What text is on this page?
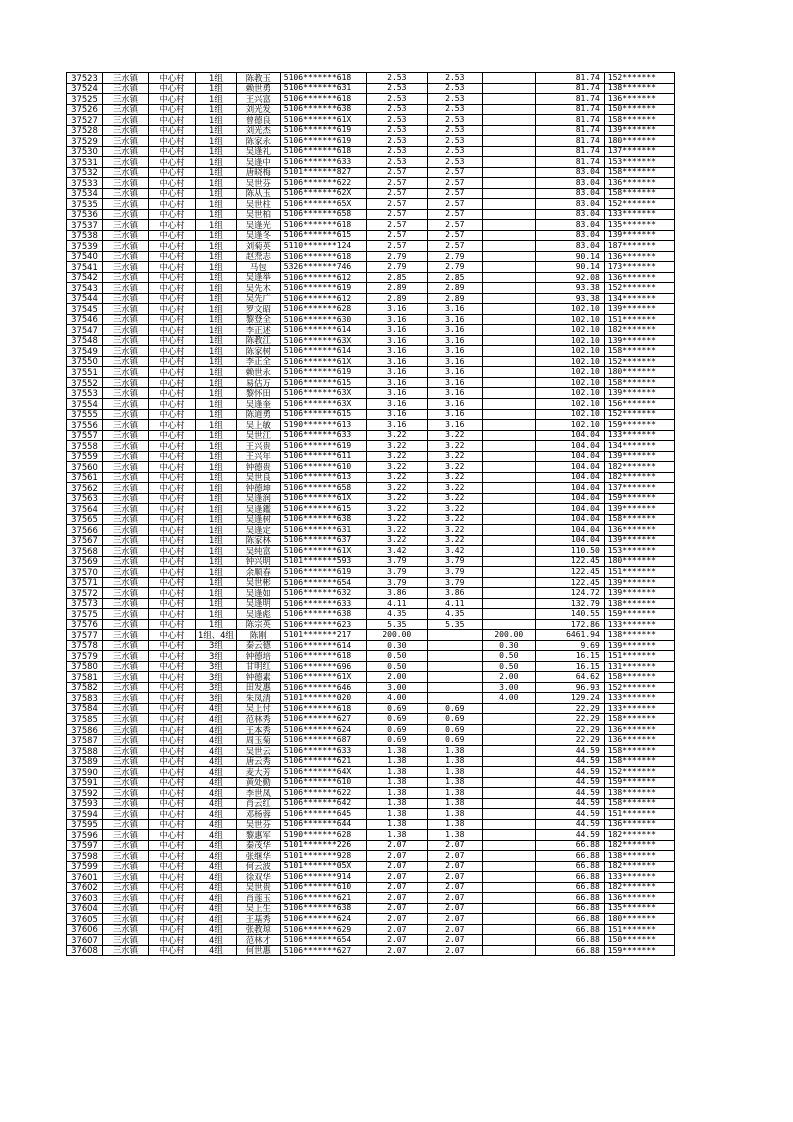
37523	三水镇	中心村	1组	陈教玉	5106*******618	2.53	2.53		81.74	152*******
37524	三水镇	中心村	1组	赖世勇	5106*******631	2.53	2.53		81.74	138*******
37525	三水镇	中心村	1组	王兴富	5106*******618	2.53	2.53		81.74	136*******
37526	三水镇	中心村	1组	刘光发	5106*******638	2.53	2.53		81.74	150*******
37527	三水镇	中心村	1组	曾德良	5106*******61X	2.53	2.53		81.74	158*******
37528	三水镇	中心村	1组	刘光杰	5106*******619	2.53	2.53		81.74	139*******
37529	三水镇	中心村	1组	陈家永	5106*******619	2.53	2.53		81.74	180*******
37530	三水镇	中心村	1组	吴逢礼	5106*******618	2.53	2.53		81.74	137*******
37531	三水镇	中心村	1组	吴逢中	5106*******633	2.53	2.53		81.74	153*******
37532	三水镇	中心村	1组	唐晓梅	5101*******827	2.57	2.57		83.04	158*******
37533	三水镇	中心村	1组	吴世芬	5106*******622	2.57	2.57		83.04	136*******
37534	三水镇	中心村	1组	陈从玉	5106*******62X	2.57	2.57		83.04	158*******
37535	三水镇	中心村	1组	吴世柱	5106*******65X	2.57	2.57		83.04	152*******
37536	三水镇	中心村	1组	吴世柏	5106*******658	2.57	2.57		83.04	133*******
37537	三水镇	中心村	1组	吴逢光	5106*******618	2.57	2.57		83.04	135*******
37538	三水镇	中心村	1组	吴逢冬	5106*******615	2.57	2.57		83.04	139*******
37539	三水镇	中心村	1组	刘菊英	5110*******124	2.57	2.57		83.04	187*******
37540	三水镇	中心村	1组	赵焘志	5106*******618	2.79	2.79		90.14	136*******
37541	三水镇	中心村	1组	马包	5326*******746	2.79	2.79		90.14	173*******
37542	三水镇	中心村	1组	吴逢举	5106*******612	2.85	2.85		92.08	136*******
37543	三水镇	中心村	1组	吴先木	5106*******619	2.89	2.89		93.38	152*******
37544	三水镇	中心村	1组	吴先广	5106*******612	2.89	2.89		93.38	134*******
37545	三水镇	中心村	1组	罗文昭	5106*******628	3.16	3.16		102.10	139*******
37546	三水镇	中心村	1组	黎登全	5106*******630	3.16	3.16		102.10	151*******
37547	三水镇	中心村	1组	李正述	5106*******614	3.16	3.16		102.10	182*******
37548	三水镇	中心村	1组	陈教江	5106*******63X	3.16	3.16		102.10	139*******
37549	三水镇	中心村	1组	陈家树	5106*******614	3.16	3.16		102.10	158*******
37550	三水镇	中心村	1组	李正全	5106*******61X	3.16	3.16		102.10	152*******
37551	三水镇	中心村	1组	赖世永	5106*******619	3.16	3.16		102.10	180*******
37552	三水镇	中心村	1组	易估万	5106*******615	3.16	3.16		102.10	158*******
37553	三水镇	中心村	1组	黎怀田	5106*******63X	3.16	3.16		102.10	139*******
37554	三水镇	中心村	1组	吴逢奎	5106*******63X	3.16	3.16		102.10	156*******
37555	三水镇	中心村	1组	陈道勇	5106*******615	3.16	3.16		102.10	152*******
37556	三水镇	中心村	1组	吴上敏	5190*******613	3.16	3.16		102.10	159*******
37557	三水镇	中心村	1组	吴世江	5106*******633	3.22	3.22		104.04	133*******
37558	三水镇	中心村	1组	王兴贵	5106*******619	3.22	3.22		104.04	134*******
37559	三水镇	中心村	1组	王兴年	5106*******611	3.22	3.22		104.04	139*******
37560	三水镇	中心村	1组	钟德贵	5106*******610	3.22	3.22		104.04	182*******
37561	三水镇	中心村	1组	吴世良	5106*******613	3.22	3.22		104.04	182*******
37562	三水镇	中心村	1组	钟德坤	5106*******658	3.22	3.22		104.04	137*******
37563	三水镇	中心村	1组	吴逢润	5106*******61X	3.22	3.22		104.04	159*******
37564	三水镇	中心村	1组	吴逢鑑	5106*******615	3.22	3.22		104.04	139*******
37565	三水镇	中心村	1组	吴逢树	5106*******638	3.22	3.22		104.04	158*******
37566	三水镇	中心村	1组	吴逢定	5106*******631	3.22	3.22		104.04	136*******
37567	三水镇	中心村	1组	陈家林	5106*******637	3.22	3.22		104.04	139*******
37568	三水镇	中心村	1组	吴纯富	5106*******61X	3.42	3.42		110.50	153*******
37569	三水镇	中心村	1组	钟兴明	5101*******593	3.79	3.79		122.45	180*******
37570	三水镇	中心村	1组	余顺春	5106*******619	3.79	3.79		122.45	151*******
37571	三水镇	中心村	1组	吴世彬	5106*******654	3.79	3.79		122.45	139*******
37572	三水镇	中心村	1组	吴逢如	5106*******632	3.86	3.86		124.72	139*******
37573	三水镇	中心村	1组	吴逢明	5106*******633	4.11	4.11		132.79	138*******
37575	三水镇	中心村	1组	吴逢彪	5106*******638	4.35	4.35		140.55	159*******
37576	三水镇	中心村	1组	陈宗英	5106*******623	5.35	5.35		172.86	133*******
37577	三水镇	中心村	1组、4组	陈刚	5101*******217	200.00		200.00	6461.94	138*******
37578	三水镇	中心村	3组	秦云德	5106*******614	0.30		0.30	9.69	139*******
37579	三水镇	中心村	3组	钟德培	5106*******618	0.50		0.50	16.15	151*******
37580	三水镇	中心村	3组	甘明红	5106*******696	0.50		0.50	16.15	131*******
37581	三水镇	中心村	3组	钟德素	5106*******61X	2.00		2.00	64.62	158*******
37582	三水镇	中心村	3组	田发惠	5106*******646	3.00		3.00	96.93	152*******
37583	三水镇	中心村	3组	朱凤清	5101*******020	4.00		4.00	129.24	133*******
37584	三水镇	中心村	4组	吴上付	5106*******618	0.69	0.69		22.29	133*******
37585	三水镇	中心村	4组	范林秀	5106*******627	0.69	0.69		22.29	158*******
37586	三水镇	中心村	4组	王本秀	5106*******624	0.69	0.69		22.29	136*******
37587	三水镇	中心村	4组	周玉菊	5106*******687	0.69	0.69		22.29	136*******
37588	三水镇	中心村	4组	吴世云	5106*******633	1.38	1.38		44.59	158*******
37589	三水镇	中心村	4组	唐云秀	5106*******621	1.38	1.38		44.59	158*******
37590	三水镇	中心村	4组	麦大芳	5106*******64X	1.38	1.38		44.59	152*******
37591	三水镇	中心村	4组	黄处勤	5106*******610	1.38	1.38		44.59	159*******
37592	三水镇	中心村	4组	李世凤	5106*******622	1.38	1.38		44.59	138*******
37593	三水镇	中心村	4组	肖云红	5106*******642	1.38	1.38		44.59	158*******
37594	三水镇	中心村	4组	邓杨蓉	5106*******645	1.38	1.38		44.59	151*******
37595	三水镇	中心村	4组	吴世芬	5106*******644	1.38	1.38		44.59	136*******
37596	三水镇	中心村	4组	黎惠军	5190*******628	1.38	1.38		44.59	182*******
37597	三水镇	中心村	4组	秦茂华	5101*******226	2.07	2.07		66.88	182*******
37598	三水镇	中心村	4组	张继华	5101*******928	2.07	2.07		66.88	138*******
37599	三水镇	中心村	4组	何云波	5101*******05X	2.07	2.07		66.88	182*******
37601	三水镇	中心村	4组	徐双华	5106*******914	2.07	2.07		66.88	133*******
37602	三水镇	中心村	4组	吴世贵	5106*******610	2.07	2.07		66.88	182*******
37603	三水镇	中心村	4组	肖莲玉	5106*******621	2.07	2.07		66.88	136*******
37604	三水镇	中心村	4组	吴上生	5106*******638	2.07	2.07		66.88	135*******
37605	三水镇	中心村	4组	王基秀	5106*******624	2.07	2.07		66.88	180*******
37606	三水镇	中心村	4组	张教琼	5106*******629	2.07	2.07		66.88	151*******
37607	三水镇	中心村	4组	范林才	5106*******654	2.07	2.07		66.88	150*******
37608	三水镇	中心村	4组	何世惠	5106*******627	2.07	2.07		66.88	159*******
